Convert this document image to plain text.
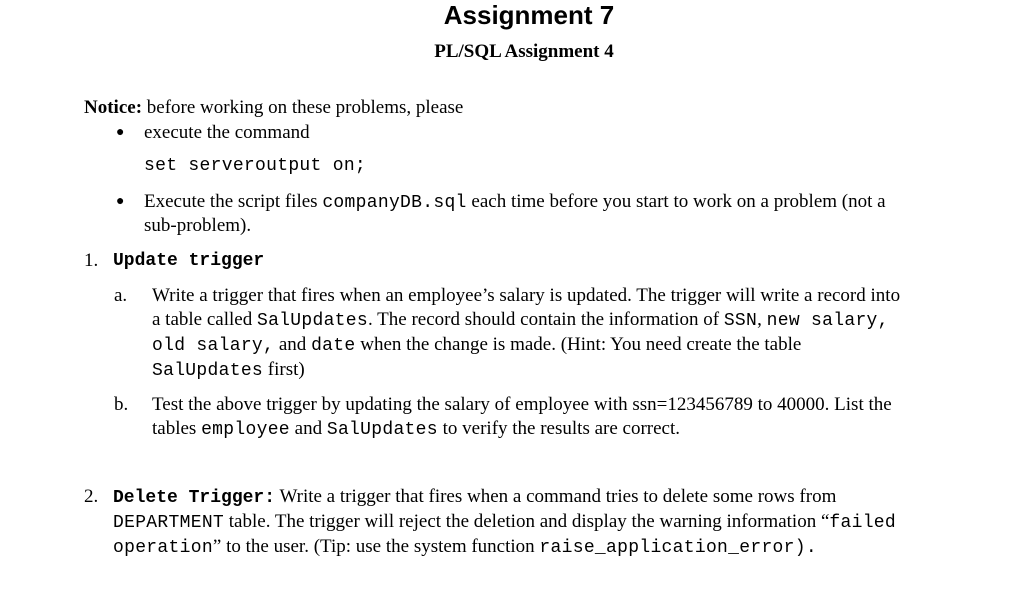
Assignment 7
PL/SQL Assignment 4
Notice: before working on these problems, please
● execute the command
set serveroutput on;
● Execute the script files companyDB.sql each time before you start to work on a problem (not a
sub-problem).
1. Update trigger
a. Write a trigger that fires when an employee’s salary is updated. The trigger will write a record into
a table called SalUpdates. The record should contain the information of SSN, new salary,
old salary, and date when the change is made. (Hint: You need create the table
SalUpdates first)
b. Test the above trigger by updating the salary of employee with ssn=123456789 to 40000. List the
tables employee and SalUpdates to verify the results are correct.
2. Delete Trigger: Write a trigger that fires when a command tries to delete some rows from
DEPARTMENT table. The trigger will reject the deletion and display the warning information “failed
operation” to the user. (Tip: use the system function raise_application_error).
